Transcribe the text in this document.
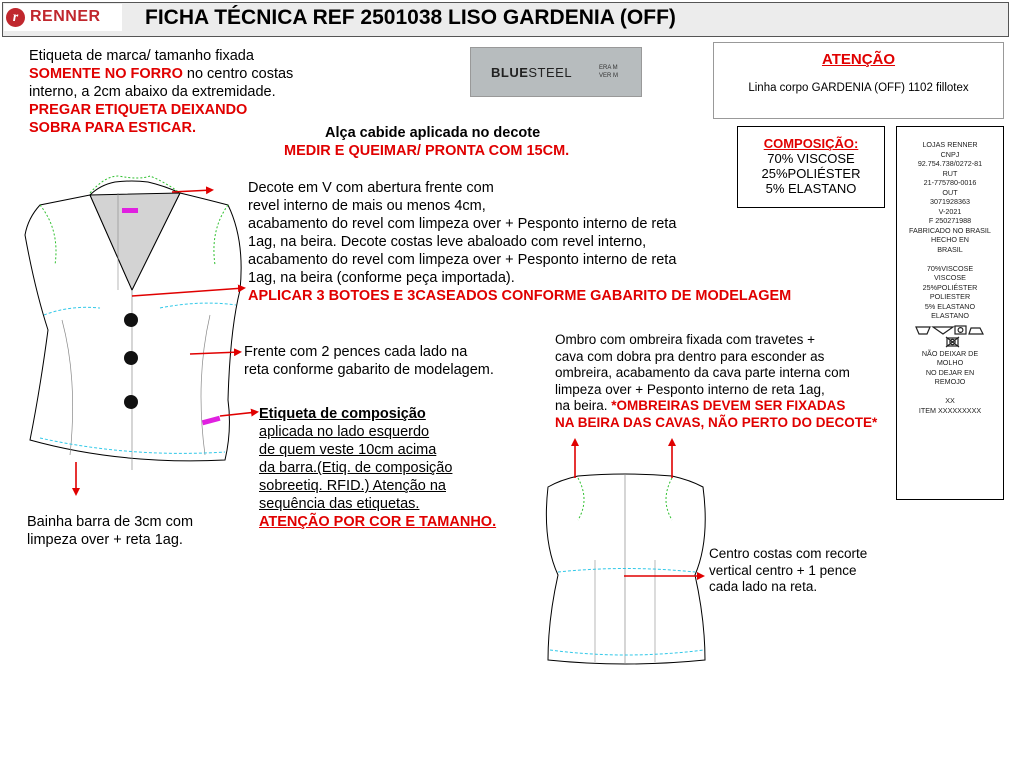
r RENNER FICHA TÉCNICA REF 2501038 LISO GARDENIA (OFF)
Etiqueta de marca/ tamanho fixada
SOMENTE NO FORRO no centro costas
interno, a 2cm abaixo da extremidade.
PREGAR ETIQUETA DEIXANDO
SOBRA PARA ESTICAR.
BLUESTEEL	ERA M
VER M
ATENÇÃO
Linha corpo GARDENIA (OFF) 1102 fillotex
Alça cabide aplicada no decote
MEDIR E QUEIMAR/ PRONTA COM 15CM.	COMPOSIÇÃO:
70% VISCOSE
25%POLIÉSTER
5% ELASTANO
LOJAS RENNER
CNPJ
92.754.738/0272-81
RUT
21-775780-0016
OUT
3071928363
V-2021
F 250271988
FABRICADO NO BRASIL
HECHO EN
BRASIL

70%VISCOSE
VISCOSE
25%POLIÉSTER
POLIESTER
5% ELASTANO
ELASTANO
NÃO DEIXAR DE
MOLHO
NO DEJAR EN
REMOJO

XX
ITEM XXXXXXXXX
Decote em V com abertura frente com
revel interno de mais ou menos 4cm,
acabamento do revel com limpeza over + Pesponto interno de reta
1ag, na beira. Decote costas leve abaloado com revel interno,
acabamento do revel com limpeza over + Pesponto interno de reta
1ag, na beira (conforme peça importada).
APLICAR 3 BOTOES E 3CASEADOS CONFORME GABARITO DE MODELAGEM
Frente com 2 pences cada lado na
reta conforme gabarito de modelagem.
Etiqueta de composição
aplicada no lado esquerdo
de quem veste 10cm acima
da barra.(Etiq. de composição
sobreetiq. RFID.) Atenção na
sequência das etiquetas.
ATENÇÃO POR COR E TAMANHO.
Bainha barra de 3cm com
limpeza over + reta 1ag.
Ombro com ombreira fixada com travetes +
cava com dobra pra dentro para esconder as
ombreira, acabamento da cava parte interna com
limpeza over + Pesponto interno de reta 1ag,
na beira. *OMBREIRAS DEVEM SER FIXADAS
NA BEIRA DAS CAVAS, NÃO PERTO DO DECOTE*
Centro costas com recorte
vertical centro + 1 pence
cada lado na reta.
